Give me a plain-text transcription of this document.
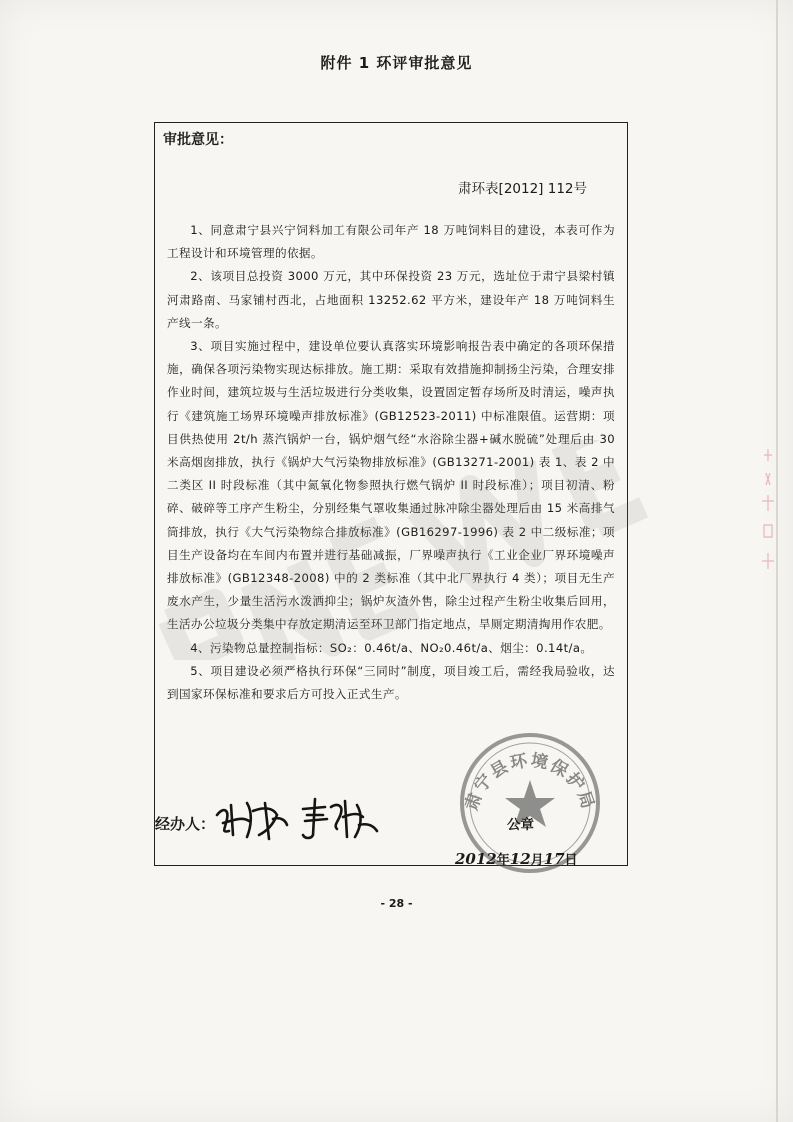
附件 1 环评审批意见
审批意见：
肃环表[2012] 112号

1、同意肃宁县兴宁饲料加工有限公司年产 18 万吨饲料目的建设，本表可作为工程设计和环境管理的依据。

2、该项目总投资 3000 万元，其中环保投资 23 万元，选址位于肃宁县梁村镇河肃路南、马家铺村西北，占地面积 13252.62 平方米，建设年产 18 万吨饲料生产线一条。

3、项目实施过程中，建设单位要认真落实环境影响报告表中确定的各项环保措施，确保各项污染物实现达标排放。施工期：采取有效措施抑制扬尘污染，合理安排作业时间，建筑垃圾与生活垃圾进行分类收集，设置固定暂存场所及时清运，噪声执行《建筑施工场界环境噪声排放标准》(GB12523-2011) 中标准限值。运营期：项目供热使用 2t/h 蒸汽锅炉一台，锅炉烟气经“水浴除尘器+碱水脱硫”处理后由 30 米高烟囱排放，执行《锅炉大气污染物排放标准》(GB13271-2001) 表 1、表 2 中二类区 II 时段标准（其中氮氧化物参照执行燃气锅炉 II 时段标准）；项目初清、粉碎、破碎等工序产生粉尘，分别经集气罩收集通过脉冲除尘器处理后由 15 米高排气筒排放，执行《大气污染物综合排放标准》(GB16297-1996) 表 2 中二级标准；项目生产设备均在车间内布置并进行基础减振，厂界噪声执行《工业企业厂界环境噪声排放标准》(GB12348-2008) 中的 2 类标准（其中北厂界执行 4 类）；项目无生产废水产生，少量生活污水泼洒抑尘；锅炉灰渣外售，除尘过程产生粉尘收集后回用，生活办公垃圾分类集中存放定期清运至环卫部门指定地点，旱厕定期清掏用作农肥。

4、污染物总量控制指标：SO₂：0.46t/a、NO₂0.46t/a、烟尘：0.14t/a。

5、项目建设必须严格执行环保“三同时”制度，项目竣工后，需经我局验收，达到国家环保标准和要求后方可投入正式生产。

肃宁县环境保护局
公章
经办人：
2012年12月17日
- 28 -
